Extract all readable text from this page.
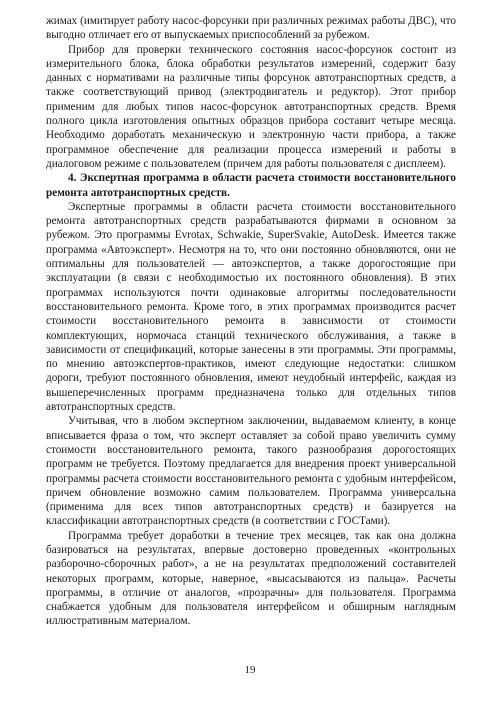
жимах (имитирует работу насос-форсунки при различных режимах работы ДВС), что выгодно отличает его от выпускаемых приспособлений за рубежом.

Прибор для проверки технического состояния насос-форсунок состоит из измерительного блока, блока обработки результатов измерений, содержит базу данных с нормативами на различные типы форсунок автотранспортных средств, а также соответствующий привод (электродвигатель и редуктор). Этот прибор применим для любых типов насос-форсунок автотранспортных средств. Время полного цикла изготовления опытных образцов прибора составит четыре месяца. Необходимо доработать механическую и электронную части прибора, а также программное обеспечение для реализации процесса измерений и работы в диалоговом режиме с пользователем (причем для работы пользователя с дисплеем).

4. Экспертная программа в области расчета стоимости восстановительного ремонта автотранспортных средств.

Экспертные программы в области расчета стоимости восстановительного ремонта автотранспортных средств разрабатываются фирмами в основном за рубежом. Это программы Evrotax, Schwakie, SuperSvakie, AutoDesk. Имеется также программа «Автоэксперт». Несмотря на то, что они постоянно обновляются, они не оптимальны для пользователей — автоэкспертов, а также дорогостоящие при эксплуатации (в связи с необходимостью их постоянного обновления). В этих программах используются почти одинаковые алгоритмы последовательности восстановительного ремонта. Кроме того, в этих программах производится расчет стоимости восстановительного ремонта в зависимости от стоимости комплектующих, нормочаса станций технического обслуживания, а также в зависимости от спецификаций, которые занесены в эти программы. Эти программы, по мнению автоэкспертов-практиков, имеют следующие недостатки: слишком дороги, требуют постоянного обновления, имеют неудобный интерфейс, каждая из вышеперечисленных программ предназначена только для отдельных типов автотранспортных средств.

Учитывая, что в любом экспертном заключении, выдаваемом клиенту, в конце вписывается фраза о том, что эксперт оставляет за собой право увеличить сумму стоимости восстановительного ремонта, такого разнообразия дорогостоящих программ не требуется. Поэтому предлагается для внедрения проект универсальной программы расчета стоимости восстановительного ремонта с удобным интерфейсом, причем обновление возможно самим пользователем. Программа универсальна (применима для всех типов автотранспортных средств) и базируется на классификации автотранспортных средств (в соответствии с ГОСТами).

Программа требует доработки в течение трех месяцев, так как она должна базироваться на результатах, впервые достоверно проведенных «контрольных разборочно-сборочных работ», а не на результатах предположений составителей некоторых программ, которые, наверное, «высасываются из пальца». Расчеты программы, в отличие от аналогов, «прозрачны» для пользователя. Программа снабжается удобным для пользователя интерфейсом и обширным наглядным иллюстративным материалом.

19
